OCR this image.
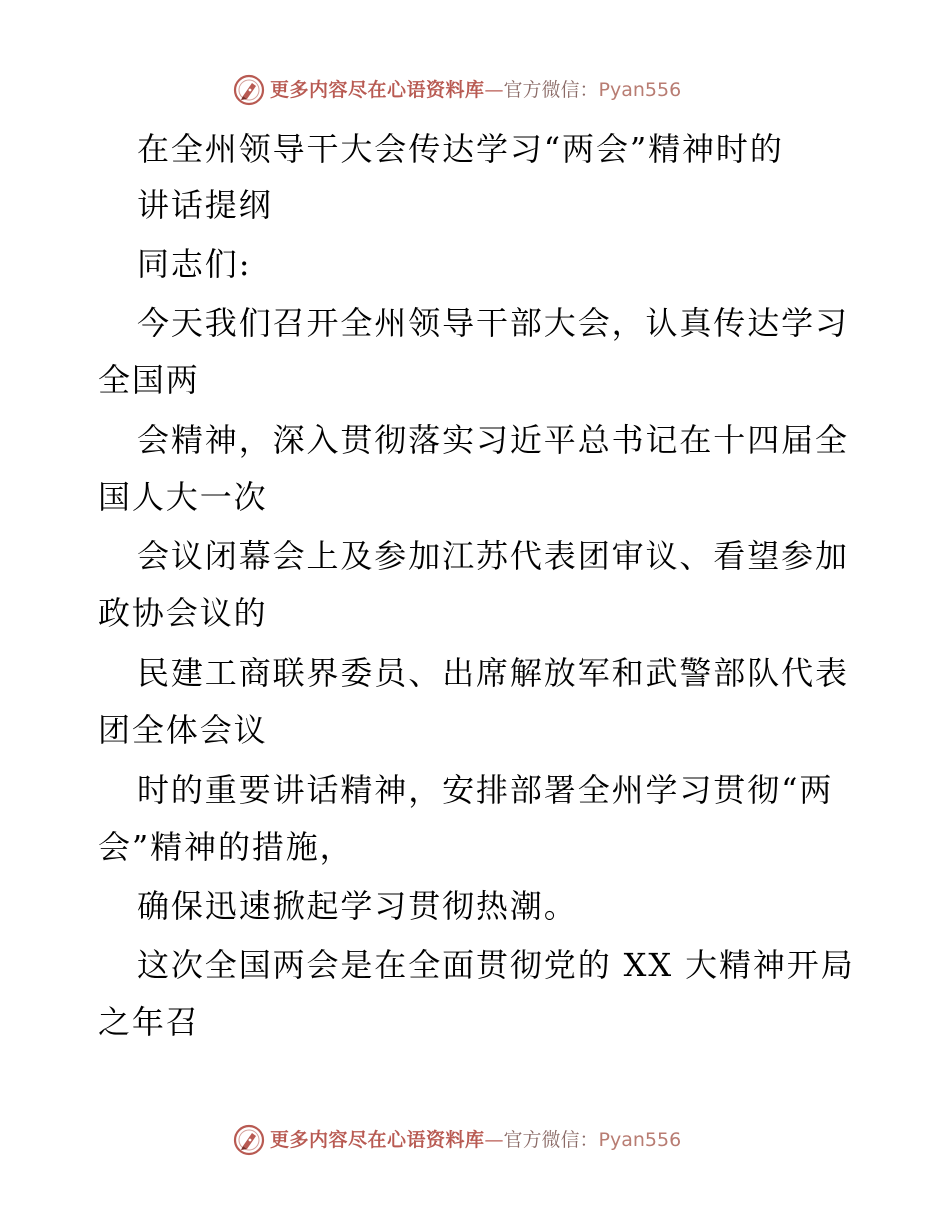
更多内容尽在心语资料库 — 官方微信： Pyan556
在全州领导干大会传达学习“两会”精神时的
讲话提纲
同志们:
今天我们召开全州领导干部大会，认真传达学习
全国两
会精神，深入贯彻落实习近平总书记在十四届全
国人大一次
会议闭幕会上及参加江苏代表团审议、看望参加
政协会议的
民建工商联界委员、出席解放军和武警部队代表
团全体会议
时的重要讲话精神，安排部署全州学习贯彻“两
会”精神的措施，
确保迅速掀起学习贯彻热潮。
这次全国两会是在全面贯彻党的 XX 大精神开局
之年召
更多内容尽在心语资料库 — 官方微信： Pyan556
